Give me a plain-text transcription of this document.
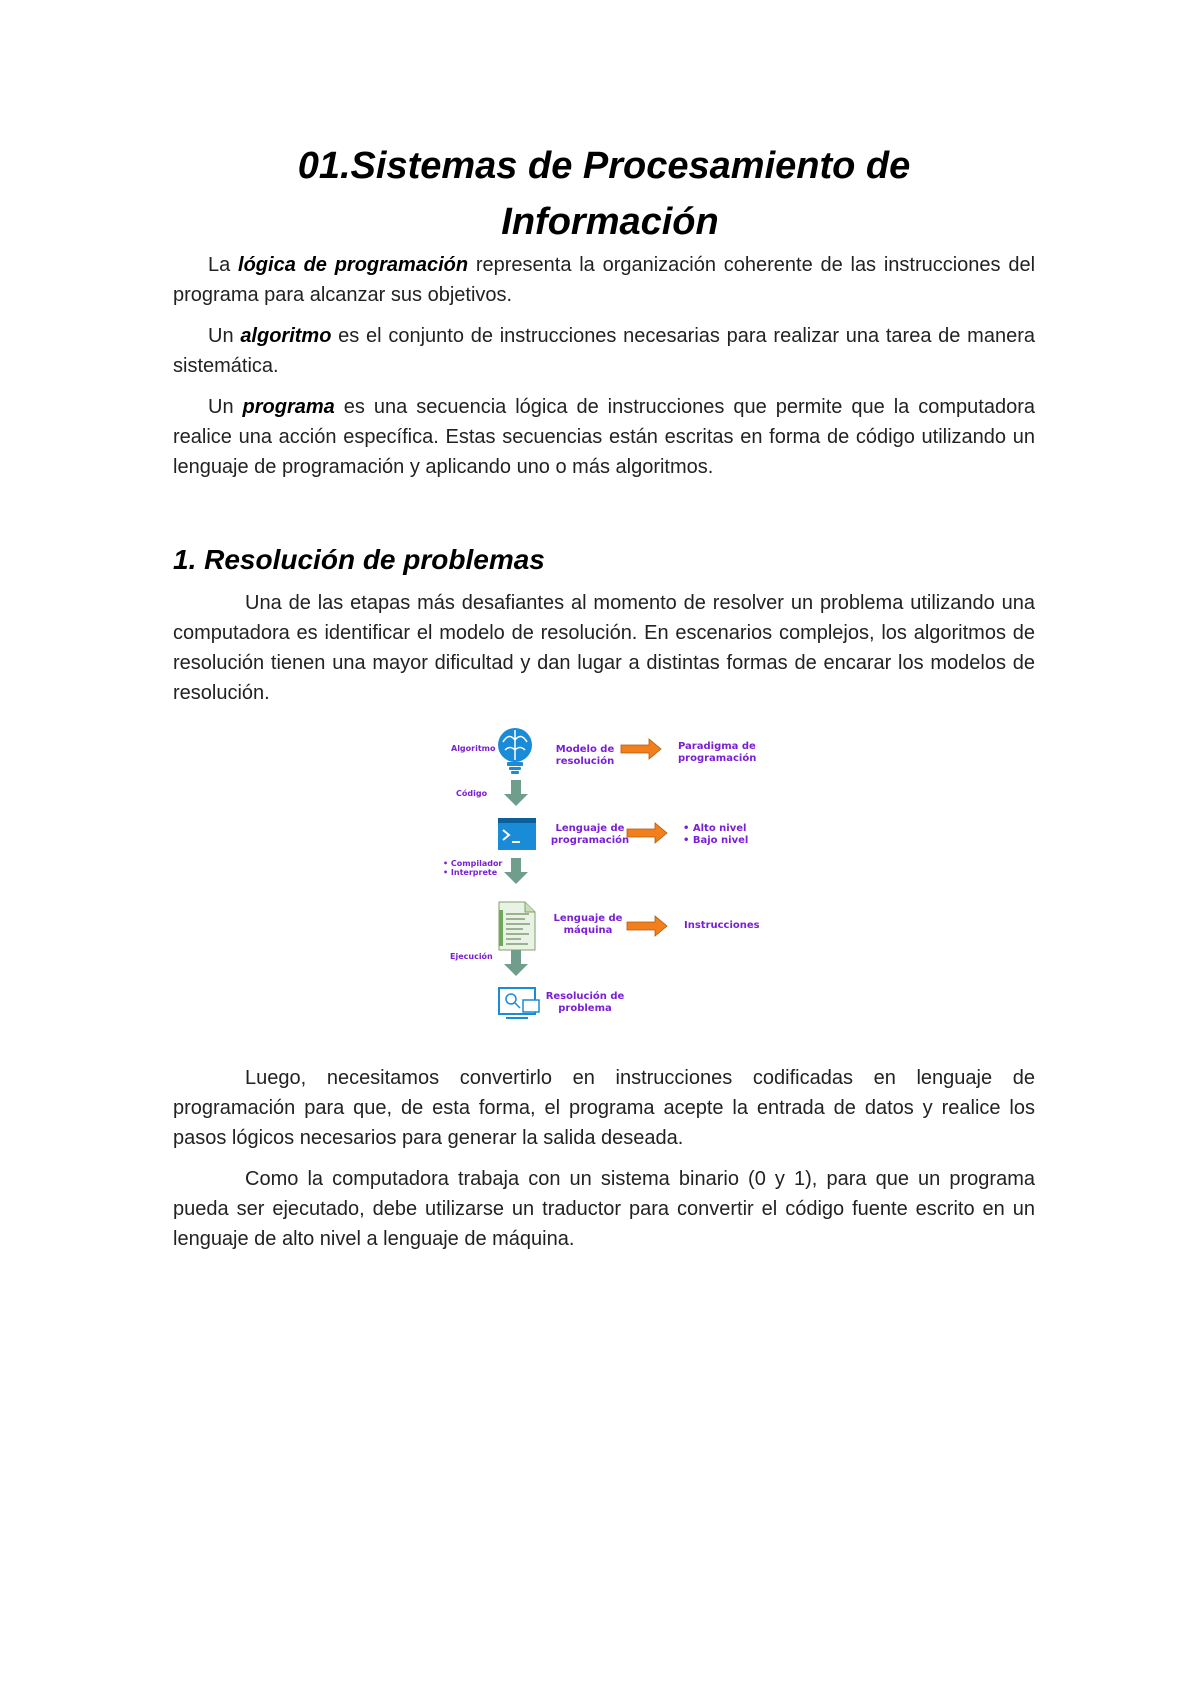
01.Sistemas de Procesamiento de
Información

La lógica de programación representa la organización coherente de las instrucciones del programa para alcanzar sus objetivos.

Un algoritmo es el conjunto de instrucciones necesarias para realizar una tarea de manera sistemática.

Un programa es una secuencia lógica de instrucciones que permite que la computadora realice una acción específica. Estas secuencias están escritas en forma de código utilizando un lenguaje de programación y aplicando uno o más algoritmos.

1. Resolución de problemas

Una de las etapas más desafiantes al momento de resolver un problema utilizando una computadora es identificar el modelo de resolución. En escenarios complejos, los algoritmos de resolución tienen una mayor dificultad y dan lugar a distintas formas de encarar los modelos de resolución.

Algoritmo
Código
• Compilador
• Interprete
Ejecución
Modelo de resolución
Lenguaje de programación
Lenguaje de máquina
Resolución de problema
Paradigma de programación
• Alto nivel
• Bajo nivel
Instrucciones

Luego, necesitamos convertirlo en instrucciones codificadas en lenguaje de programación para que, de esta forma, el programa acepte la entrada de datos y realice los pasos lógicos necesarios para generar la salida deseada.

Como la computadora trabaja con un sistema binario (0 y 1), para que un programa pueda ser ejecutado, debe utilizarse un traductor para convertir el código fuente escrito en un lenguaje de alto nivel a lenguaje de máquina.
